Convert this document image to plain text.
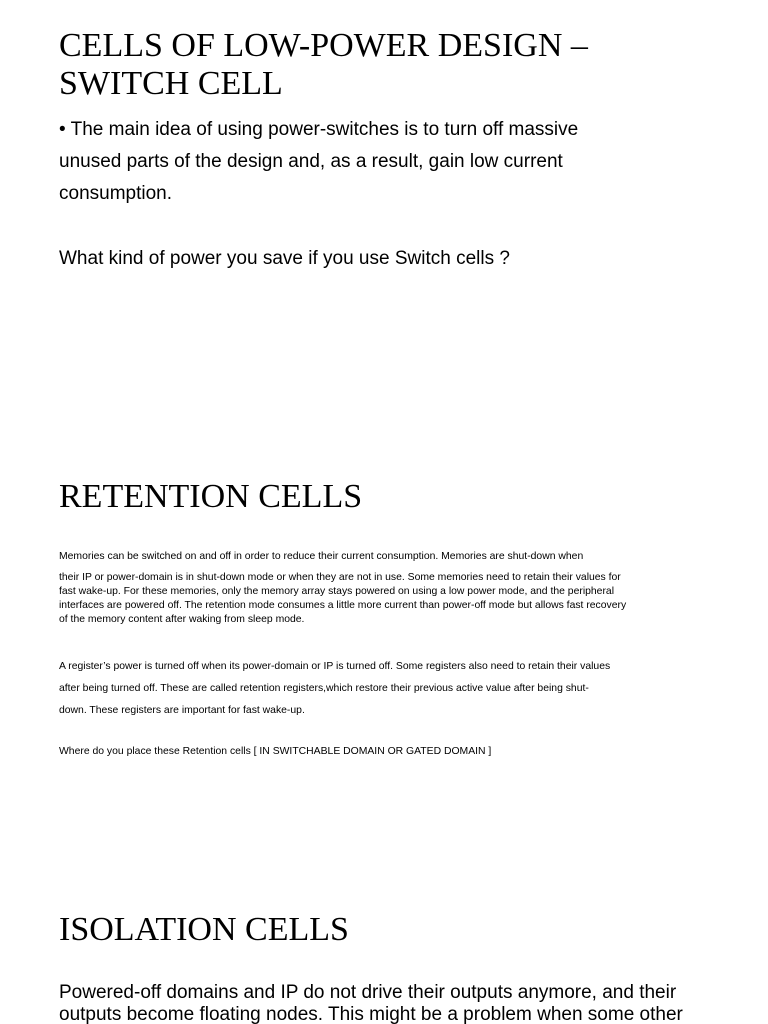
CELLS OF LOW-POWER DESIGN –
SWITCH CELL
• The main idea of using power-switches is to turn off massive
unused parts of the design and, as a result, gain low current
consumption.

What kind of power you save if you use Switch cells ?

RETENTION CELLS
Memories can be switched on and off in order to reduce their current consumption. Memories are shut-down when
their IP or power-domain is in shut-down mode or when they are not in use. Some memories need to retain their values for
fast wake-up. For these memories, only the memory array stays powered on using a low power mode, and the peripheral
interfaces are powered off. The retention mode consumes a little more current than power-off mode but allows fast recovery
of the memory content after waking from sleep mode.
A register’s power is turned off when its power-domain or IP is turned off. Some registers also need to retain their values
after being turned off. These are called retention registers,which restore their previous active value after being shut-
down. These registers are important for fast wake-up.

Where do you place these Retention cells [ IN SWITCHABLE DOMAIN OR GATED DOMAIN ]

ISOLATION CELLS
Powered-off domains and IP do not drive their outputs anymore, and their
outputs become floating nodes. This might be a problem when some other
